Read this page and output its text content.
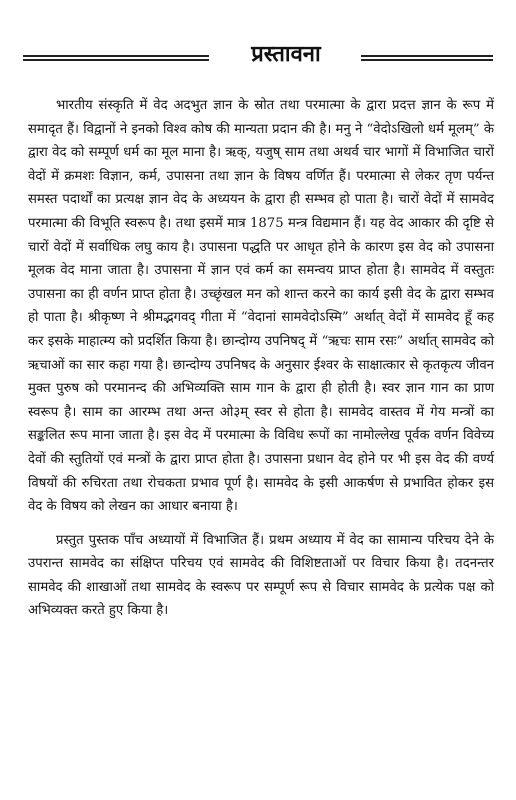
प्रस्तावना

भारतीय संस्कृति में वेद अदभुत ज्ञान के स्रोत तथा परमात्मा के द्वारा प्रदत्त ज्ञान के रूप में समादृत हैं। विद्वानों ने इनको विश्व कोष की मान्यता प्रदान की है। मनु ने “वेदोऽखिलो धर्म मूलम्” के द्वारा वेद को सम्पूर्ण धर्म का मूल माना है। ऋक्, यजुष् साम तथा अथर्व चार भागों में विभाजित चारों वेदों में क्रमशः विज्ञान, कर्म, उपासना तथा ज्ञान के विषय वर्णित हैं। परमात्मा से लेकर तृण पर्यन्त समस्त पदार्थों का प्रत्यक्ष ज्ञान वेद के अध्ययन के द्वारा ही सम्भव हो पाता है। चारों वेदों में सामवेद परमात्मा की विभूति स्वरूप है। तथा इसमें मात्र 1875 मन्त्र विद्यमान हैं। यह वेद आकार की दृष्टि से चारों वेदों में सर्वाधिक लघु काय है। उपासना पद्धति पर आधृत होने के कारण इस वेद को उपासना मूलक वेद माना जाता है। उपासना में ज्ञान एवं कर्म का समन्वय प्राप्त होता है। सामवेद में वस्तुतः उपासना का ही वर्णन प्राप्त होता है। उच्छृंखल मन को शान्त करने का कार्य इसी वेद के द्वारा सम्भव हो पाता है। श्रीकृष्ण ने श्रीमद्भगवद् गीता में “वेदानां सामवेदोऽस्मि” अर्थात् वेदों में सामवेद हूँ कह कर इसके माहात्म्य को प्रदर्शित किया है। छान्दोग्य उपनिषद् में “ऋचः साम रसः” अर्थात् सामवेद को ऋचाओं का सार कहा गया है। छान्दोग्य उपनिषद के अनुसार ईश्वर के साक्षात्कार से कृतकृत्य जीवन मुक्त पुरुष को परमानन्द की अभिव्यक्ति साम गान के द्वारा ही होती है। स्वर ज्ञान गान का प्राण स्वरूप है। साम का आरम्भ तथा अन्त ओ३म् स्वर से होता है। सामवेद वास्तव में गेय मन्त्रों का सङ्कलित रूप माना जाता है। इस वेद में परमात्मा के विविध रूपों का नामोल्लेख पूर्वक वर्णन विवेच्य देवों की स्तुतियों एवं मन्त्रों के द्वारा प्राप्त होता है। उपासना प्रधान वेद होने पर भी इस वेद की वर्ण्य विषयों की रुचिरता तथा रोचकता प्रभाव पूर्ण है। सामवेद के इसी आकर्षण से प्रभावित होकर इस वेद के विषय को लेखन का आधार बनाया है।

प्रस्तुत पुस्तक पाँच अध्यायों में विभाजित हैं। प्रथम अध्याय में वेद का सामान्य परिचय देने के उपरान्त सामवेद का संक्षिप्त परिचय एवं सामवेद की विशिष्टताओं पर विचार किया है। तदनन्तर सामवेद की शाखाओं तथा सामवेद के स्वरूप पर सम्पूर्ण रूप से विचार सामवेद के प्रत्येक पक्ष को अभिव्यक्त करते हुए किया है।
